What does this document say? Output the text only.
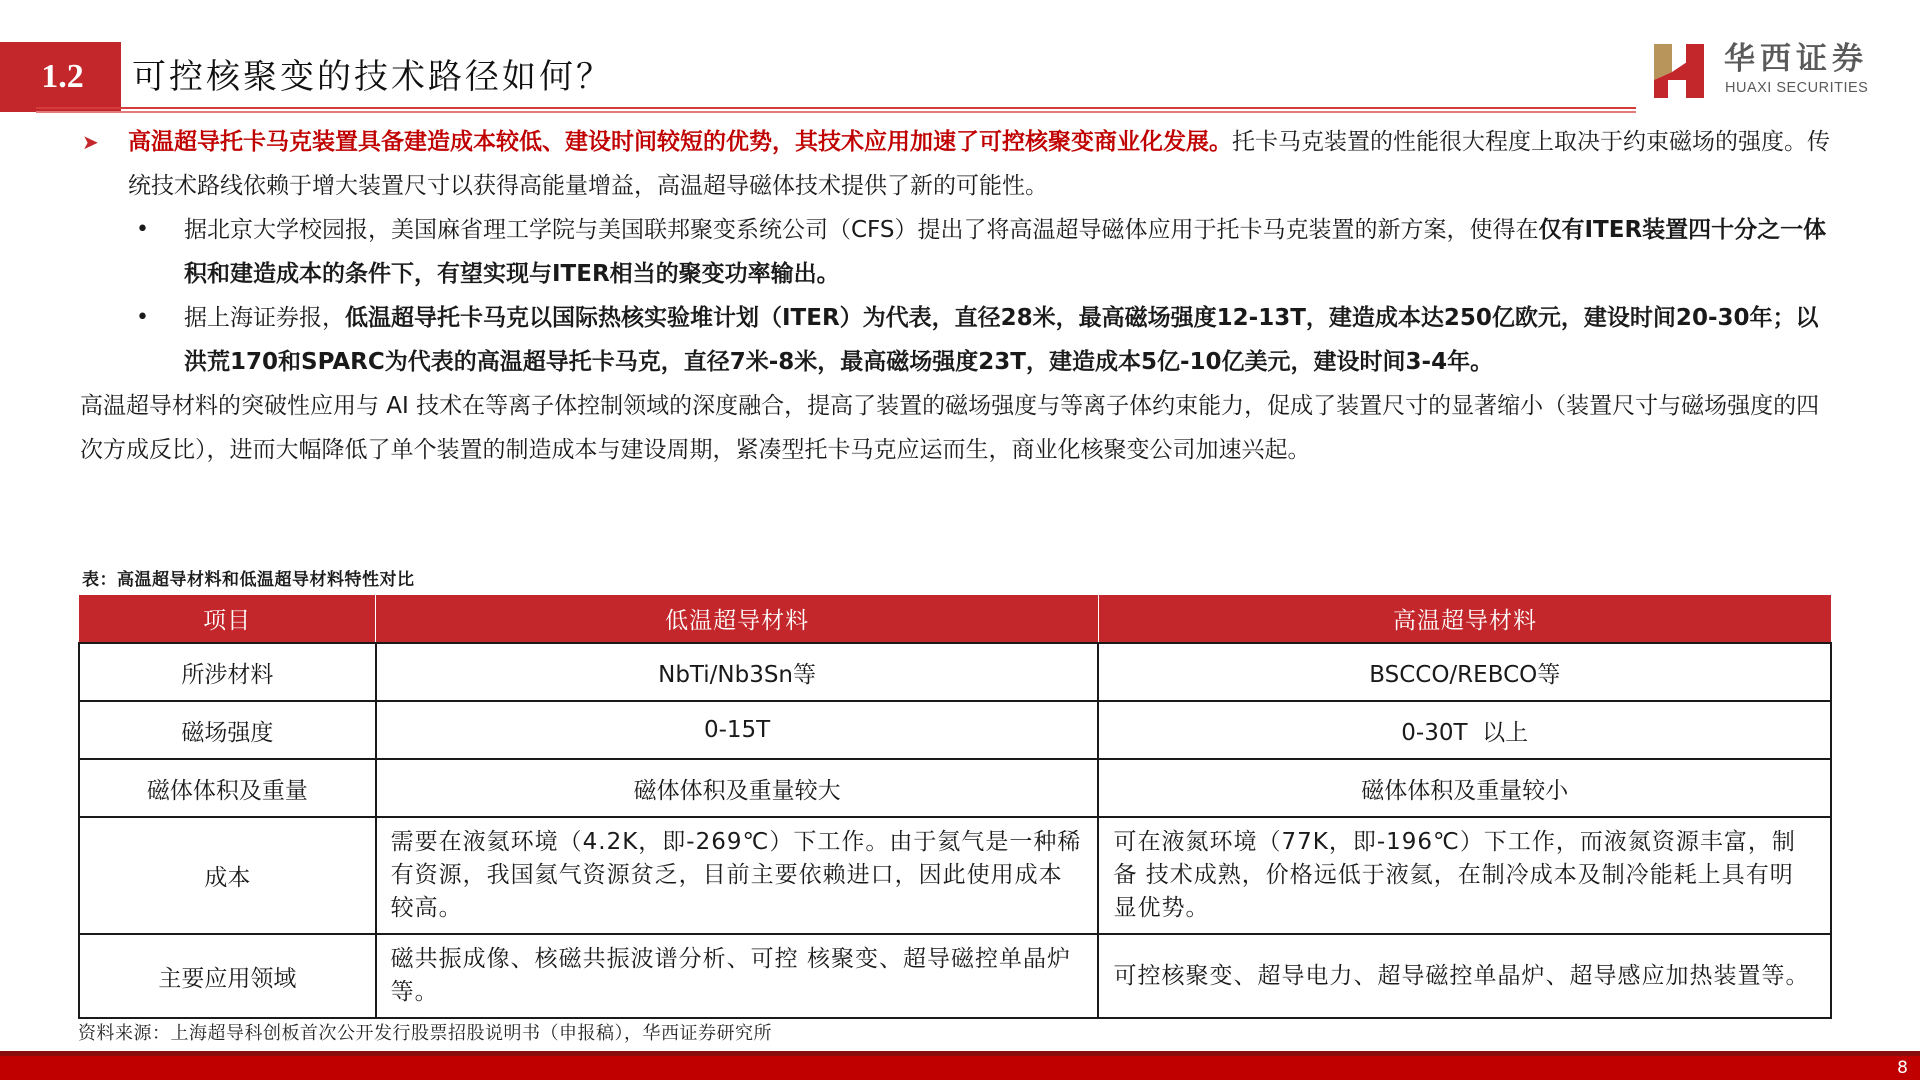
1.2	可控核聚变的技术路径如何？	华西证券
HUAXI SECURITIES
➤ 高温超导托卡马克装置具备建造成本较低、建设时间较短的优势，其技术应用加速了可控核聚变商业化发展。托卡马克装置的性能很大程度上取决于约束磁场的强度。传统技术路线依赖于增大装置尺寸以获得高能量增益，高温超导磁体技术提供了新的可能性。
• 据北京大学校园报，美国麻省理工学院与美国联邦聚变系统公司（CFS）提出了将高温超导磁体应用于托卡马克装置的新方案，使得在仅有ITER装置四十分之一体积和建造成本的条件下，有望实现与ITER相当的聚变功率输出。
• 据上海证券报，低温超导托卡马克以国际热核实验堆计划（ITER）为代表，直径28米，最高磁场强度12-13T，建造成本达250亿欧元，建设时间20-30年；以洪荒170和SPARC为代表的高温超导托卡马克，直径7米-8米，最高磁场强度23T，建造成本5亿-10亿美元，建设时间3-4年。
高温超导材料的突破性应用与 AI 技术在等离子体控制领域的深度融合，提高了装置的磁场强度与等离子体约束能力，促成了装置尺寸的显著缩小（装置尺寸与磁场强度的四次方成反比），进而大幅降低了单个装置的制造成本与建设周期，紧凑型托卡马克应运而生，商业化核聚变公司加速兴起。
表：高温超导材料和低温超导材料特性对比
项目	低温超导材料	高温超导材料
所涉材料	NbTi/Nb3Sn等	BSCCO/REBCO等
磁场强度	0-15T	0-30T  以上
磁体体积及重量	磁体体积及重量较大	磁体体积及重量较小
成本	需要在液氦环境（4.2K，即-269℃）下工作。由于氦气是一种稀有资源，我国氦气资源贫乏，目前主要依赖进口，因此使用成本较高。	可在液氮环境（77K，即-196℃）下工作，而液氮资源丰富，制备 技术成熟，价格远低于液氦，在制冷成本及制冷能耗上具有明显优势。
主要应用领域	磁共振成像、核磁共振波谱分析、可控 核聚变、超导磁控单晶炉等。	可控核聚变、超导电力、超导磁控单晶炉、超导感应加热装置等。
资料来源：上海超导科创板首次公开发行股票招股说明书（申报稿），华西证券研究所
8
